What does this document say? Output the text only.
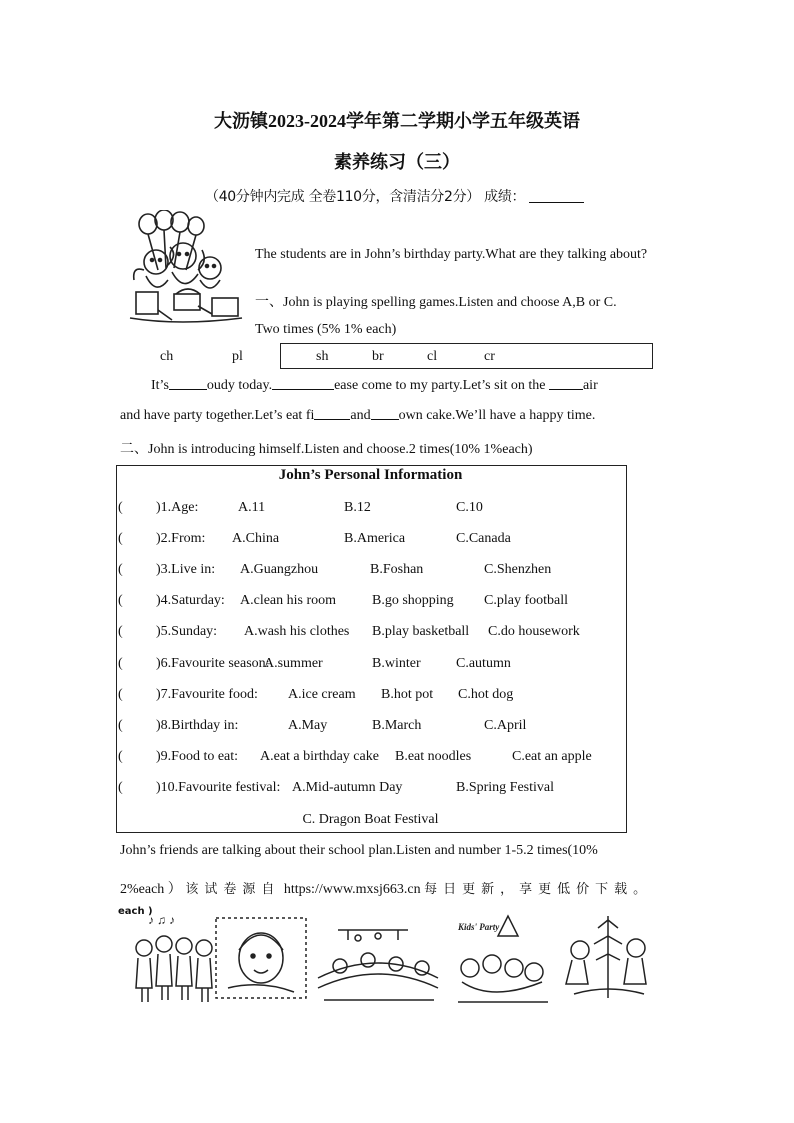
大沥镇2023-2024学年第二学期小学五年级英语
素养练习（三）
（40分钟内完成 全卷110分，含清洁分2分） 成绩：
The students are in John’s birthday party.What are they talking about?
一、John is playing spelling games.Listen and choose A,B or C.
Two times (5% 1% each)
ch	pl	sh	br	cl	cr
It’s	oudy today.	ease come to my party.Let’s sit on the	air
and have party together.Let’s eat fi	and own cake.We’ll have a happy time.
二、John is introducing himself.Listen and choose.2 times(10% 1%each)
John’s Personal Information
( )1.Age:	A.11	B.12	C.10
( )2.From: A.China	B.America	C.Canada
( )3.Live in: A.Guangzhou	B.Foshan	C.Shenzhen
( )4.Saturday: A.clean his room	B.go shopping C.play football
( )5.Sunday: A.wash his clothes B.play basketball C.do housework
( )6.Favourite season:
A.summer	B.winter	C.autumn
( )7.Favourite food: A.ice cream B.hot pot C.hot dog
( )8.Birthday in:	A.May	B.March	C.April
( )9.Food to eat: A.eat a birthday cake B.eat noodles	C.eat an apple
( )10.Favourite festival: A.Mid-autumn Day	B.Spring Festival
C. Dragon Boat Festival
John’s friends are talking about their school plan.Listen and number 1-5.2 times(10%
2%each ） 该试卷源自 https://www.mxsj663.cn 每日更新，享更低价下载。
each )
♪ ♫ ♪	Kids' Party
